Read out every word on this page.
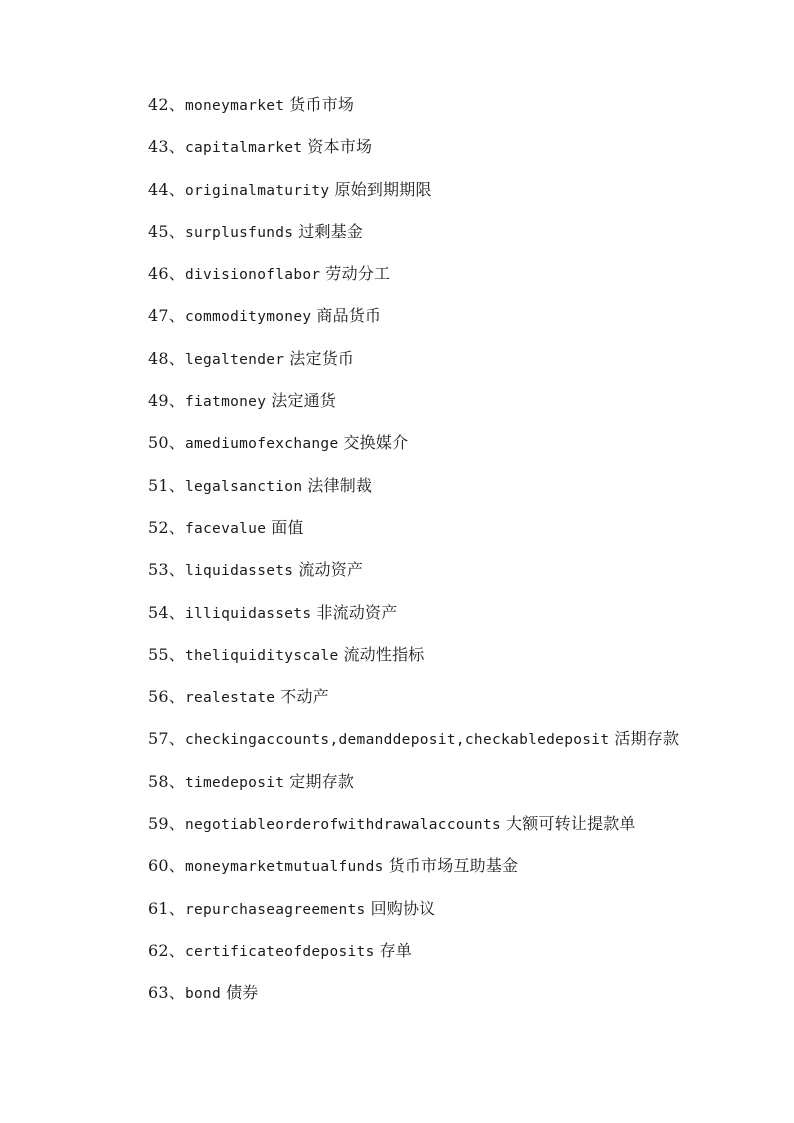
42、moneymarket 货币市场
43、capitalmarket 资本市场
44、originalmaturity 原始到期期限
45、surplusfunds 过剩基金
46、divisionoflabor 劳动分工
47、commoditymoney 商品货币
48、legaltender 法定货币
49、fiatmoney 法定通货
50、amediumofexchange 交换媒介
51、legalsanction 法律制裁
52、facevalue 面值
53、liquidassets 流动资产
54、illiquidassets 非流动资产
55、theliquidityscale 流动性指标
56、realestate 不动产
57、checkingaccounts,demanddeposit,checkabledeposit 活期存款
58、timedeposit 定期存款
59、negotiableorderofwithdrawalaccounts 大额可转让提款单
60、moneymarketmutualfunds 货币市场互助基金
61、repurchaseagreements 回购协议
62、certificateofdeposits 存单
63、bond 债券
